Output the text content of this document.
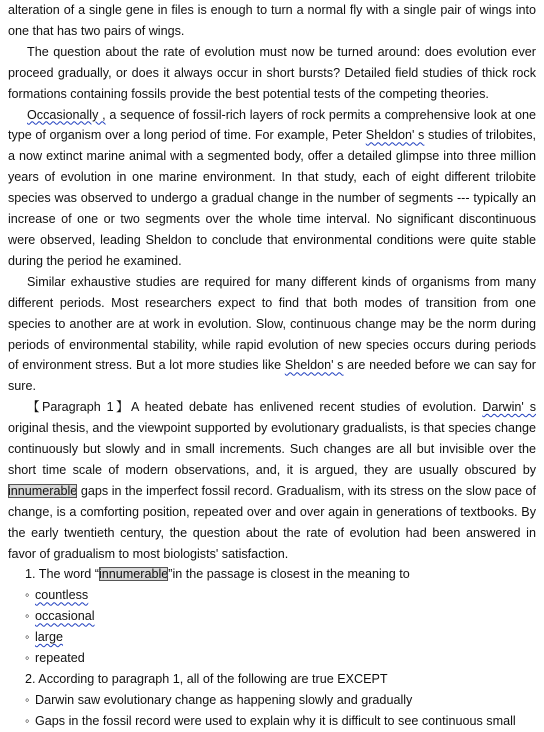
alteration of a single gene in files is enough to turn a normal fly with a single pair of wings into one that has two pairs of wings.

The question about the rate of evolution must now be turned around: does evolution ever proceed gradually, or does it always occur in short bursts? Detailed field studies of thick rock formations containing fossils provide the best potential tests of the competing theories.

Occasionally , a sequence of fossil-rich layers of rock permits a comprehensive look at one type of organism over a long period of time. For example, Peter Sheldon' s studies of trilobites, a now extinct marine animal with a segmented body, offer a detailed glimpse into three million years of evolution in one marine environment. In that study, each of eight different trilobite species was observed to undergo a gradual change in the number of segments --- typically an increase of one or two segments over the whole time interval. No significant discontinuous were observed, leading Sheldon to conclude that environmental conditions were quite stable during the period he examined.

Similar exhaustive studies are required for many different kinds of organisms from many different periods. Most researchers expect to find that both modes of transition from one species to another are at work in evolution. Slow, continuous change may be the norm during periods of environmental stability, while rapid evolution of new species occurs during periods of environment stress. But a lot more studies like Sheldon' s are needed before we can say for sure.

【Paragraph 1】A heated debate has enlivened recent studies of evolution. Darwin' s original thesis, and the viewpoint supported by evolutionary gradualists, is that species change continuously but slowly and in small increments. Such changes are all but invisible over the short time scale of modern observations, and, it is argued, they are usually obscured by innumerable gaps in the imperfect fossil record. Gradualism, with its stress on the slow pace of change, is a comforting position, repeated over and over again in generations of textbooks. By the early twentieth century, the question about the rate of evolution had been answered in favor of gradualism to most biologists' satisfaction.

1. The word “innumerable”in the passage is closest in the meaning to

◦ countless

◦ occasional

◦ large

◦ repeated

2. According to paragraph 1, all of the following are true EXCEPT

◦ Darwin saw evolutionary change as happening slowly and gradually

◦ Gaps in the fossil record were used to explain why it is difficult to see continuous small
